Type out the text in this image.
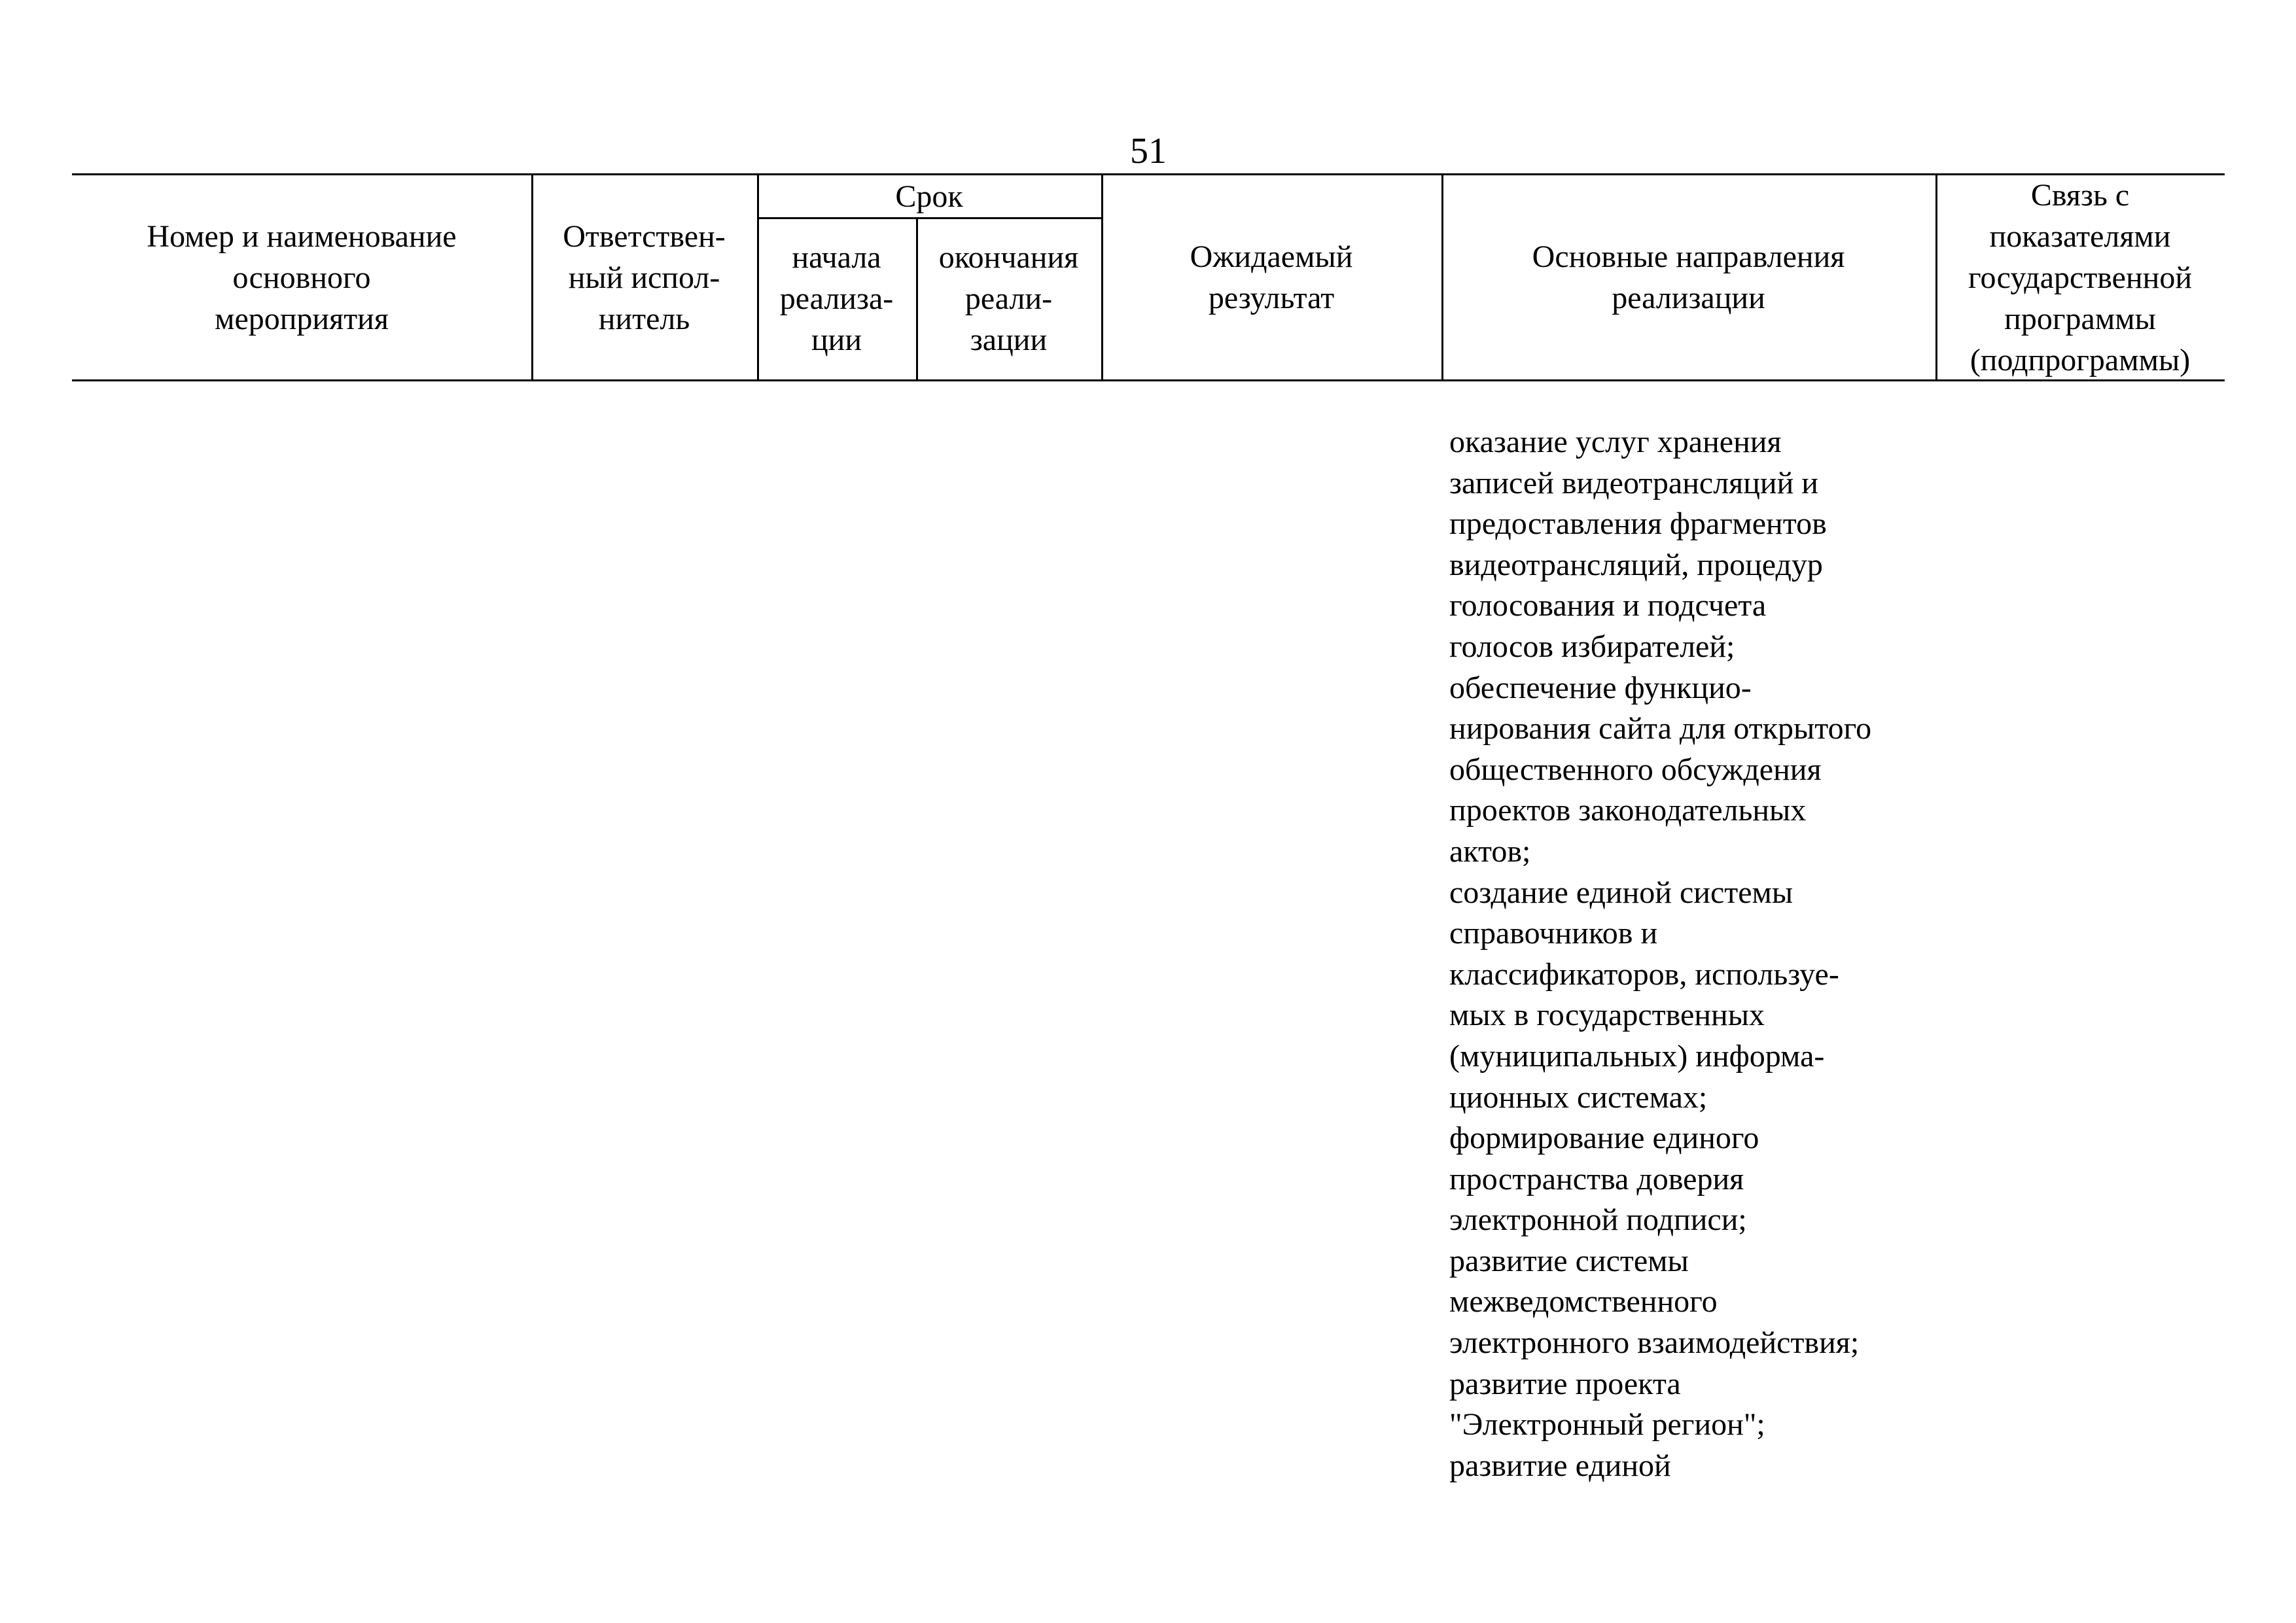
51
Номер и наименование
основного
мероприятия
Ответствен-
ный испол-
нитель
Срок
начала
реализа-
ции
окончания
реали-
зации
Ожидаемый
результат
Основные направления
реализации
Связь с
показателями
государственной
программы
(подпрограммы)
оказание услуг хранения
записей видеотрансляций и
предоставления фрагментов
видеотрансляций, процедур
голосования и подсчета
голосов избирателей;
обеспечение функцио-
нирования сайта для открытого
общественного обсуждения
проектов законодательных
актов;
создание единой системы
справочников и
классификаторов, используе-
мых в государственных
(муниципальных) информа-
ционных системах;
формирование единого
пространства доверия
электронной подписи;
развитие системы
межведомственного
электронного взаимодействия;
развитие проекта
"Электронный регион";
развитие единой
